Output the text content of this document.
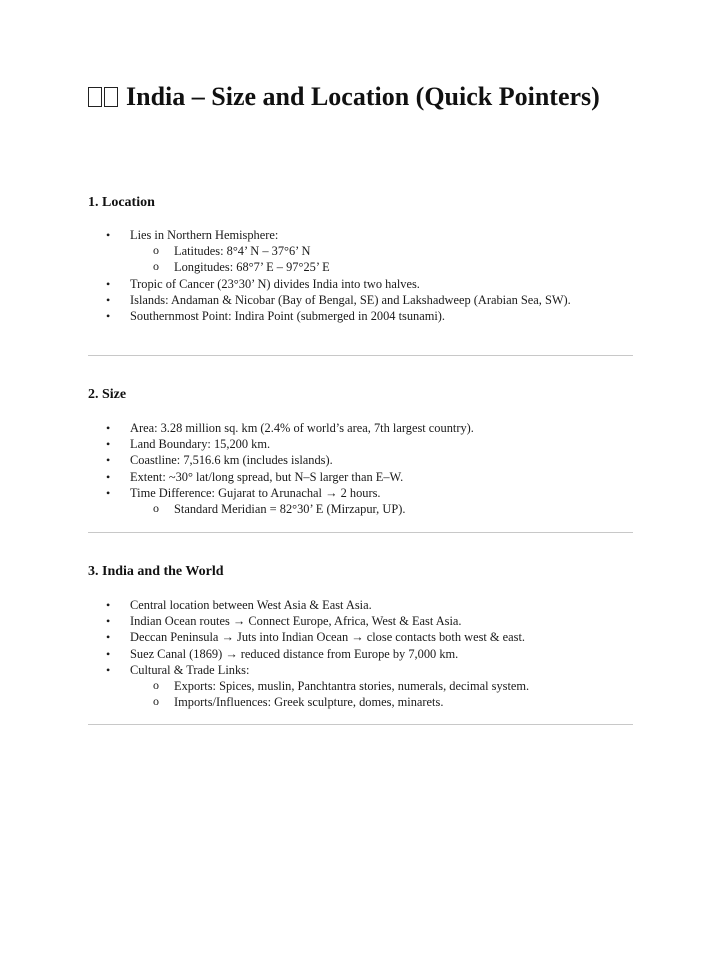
India – Size and Location (Quick Pointers)
1. Location
• Lies in Northern Hemisphere:
o Latitudes: 8°4’ N – 37°6’ N
o Longitudes: 68°7’ E – 97°25’ E
• Tropic of Cancer (23°30’ N) divides India into two halves.
• Islands: Andaman & Nicobar (Bay of Bengal, SE) and Lakshadweep (Arabian Sea, SW).
• Southernmost Point: Indira Point (submerged in 2004 tsunami).
2. Size
• Area: 3.28 million sq. km (2.4% of world’s area, 7th largest country).
• Land Boundary: 15,200 km.
• Coastline: 7,516.6 km (includes islands).
• Extent: ~30° lat/long spread, but N–S larger than E–W.
• Time Difference: Gujarat to Arunachal → 2 hours.
o Standard Meridian = 82°30’ E (Mirzapur, UP).
3. India and the World
• Central location between West Asia & East Asia.
• Indian Ocean routes → Connect Europe, Africa, West & East Asia.
• Deccan Peninsula → Juts into Indian Ocean → close contacts both west & east.
• Suez Canal (1869) → reduced distance from Europe by 7,000 km.
• Cultural & Trade Links:
o Exports: Spices, muslin, Panchtantra stories, numerals, decimal system.
o Imports/Influences: Greek sculpture, domes, minarets.
